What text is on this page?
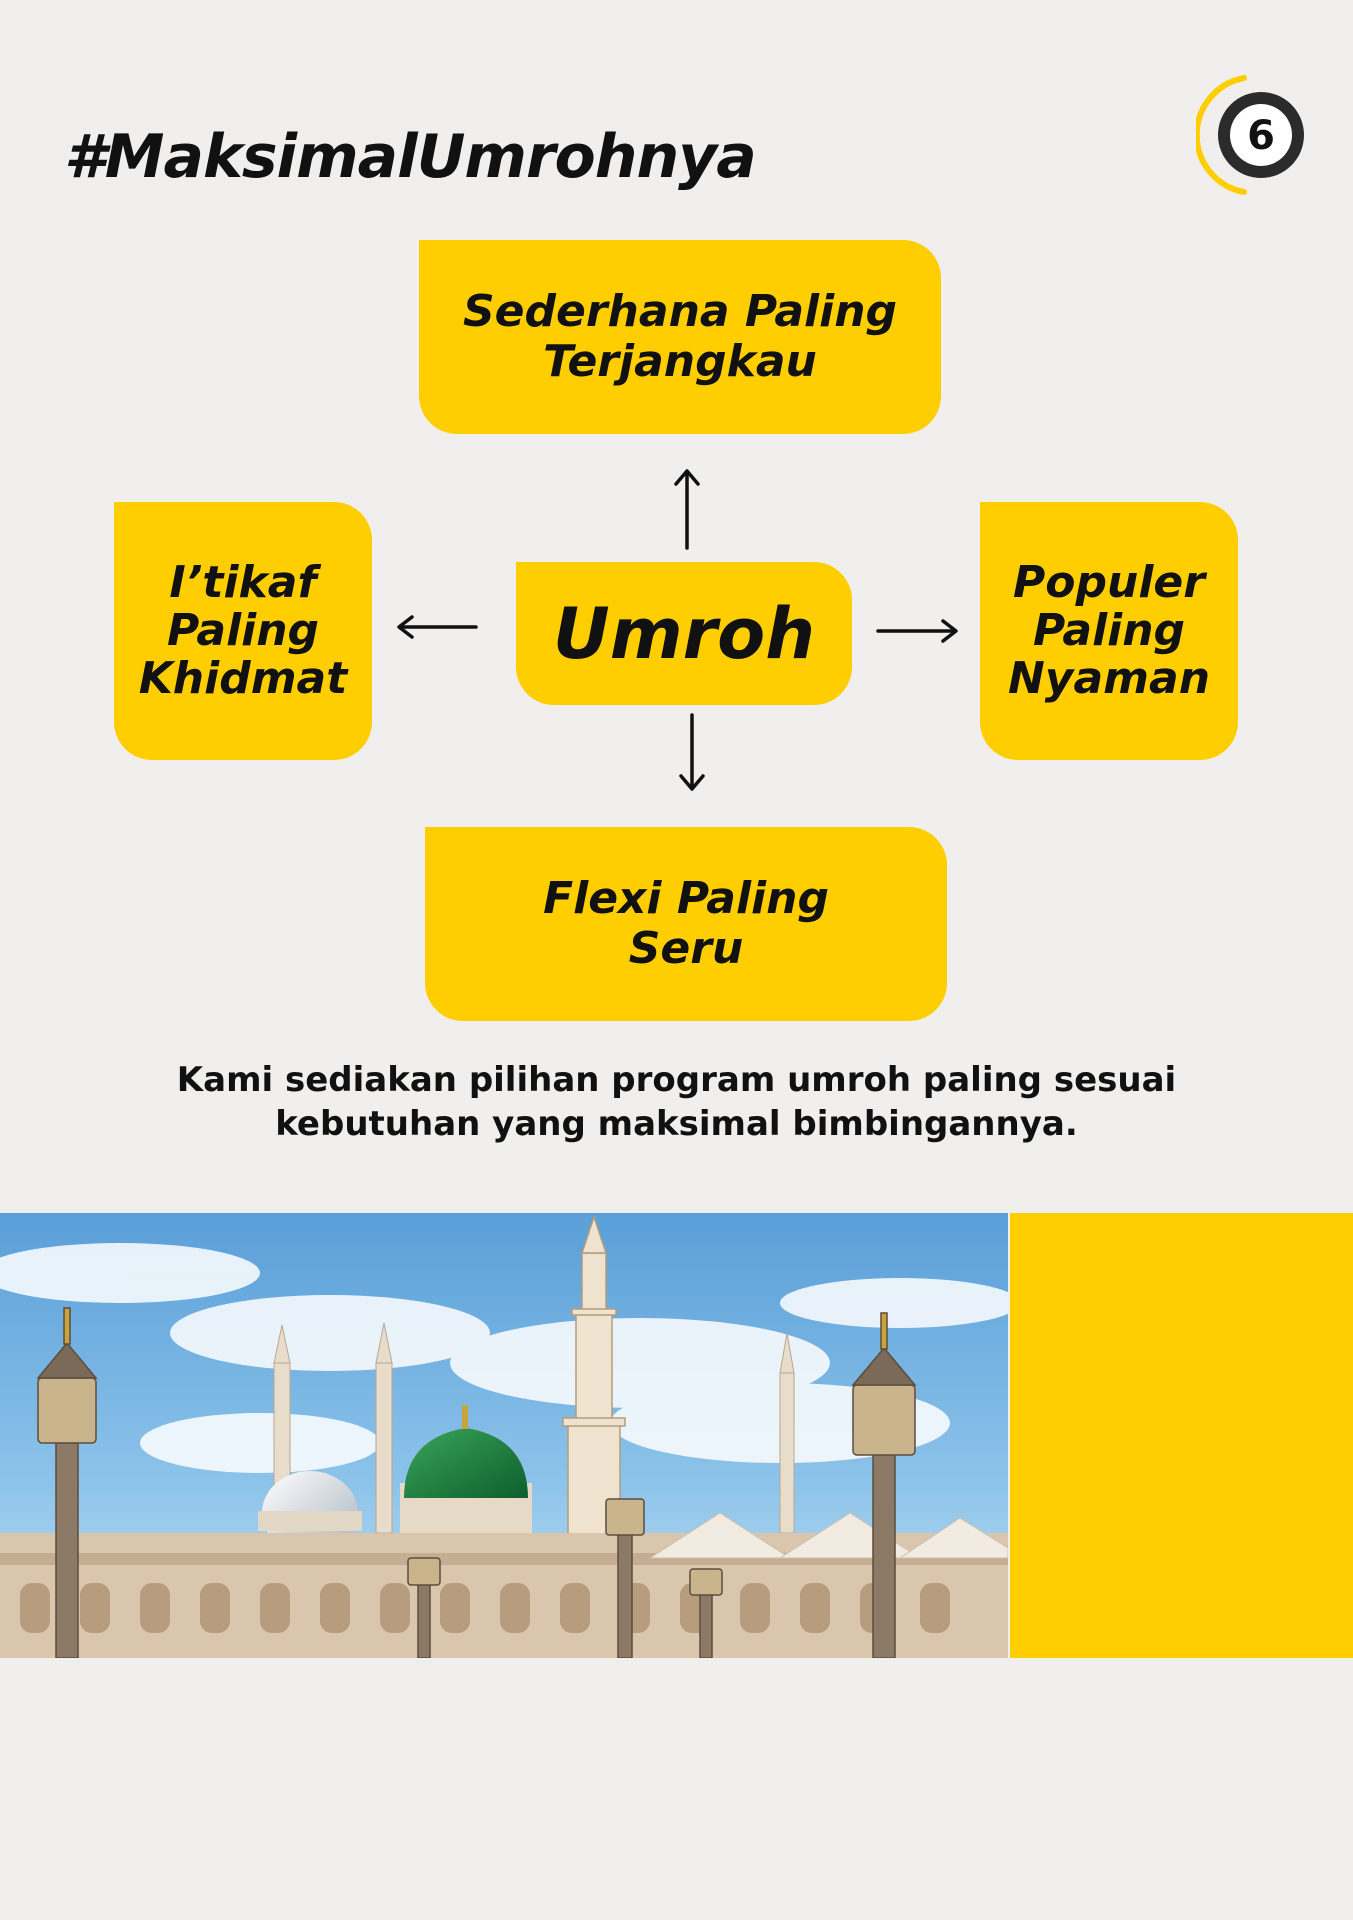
#MaksimalUmrohnya	6
Sederhana Paling
Terjangkau
I’tikaf
Paling
Khidmat
Umroh
Populer
Paling
Nyaman
Flexi Paling
Seru
Kami sediakan pilihan program umroh paling sesuai
kebutuhan yang maksimal bimbingannya.
